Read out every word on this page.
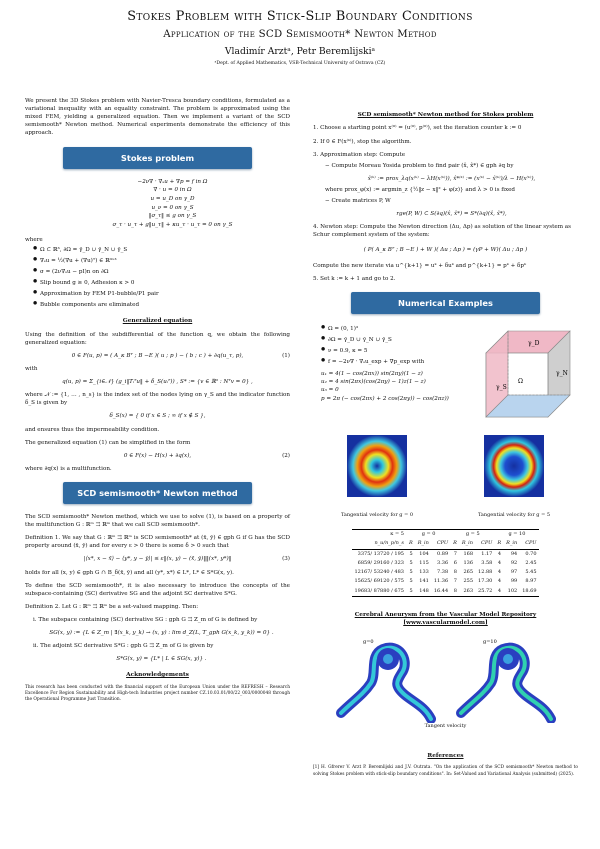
Stokes Problem with Stick-Slip Boundary Conditions
Application of the SCD Semismooth* Newton Method
Vladimír Arztᵃ, Petr Beremlijskiᵃ
ᵃDept. of Applied Mathematics, VSB-Technical University of Ostrava (CZ)

We present the 3D Stokes problem with Navier-Tresca boundary conditions, formulated as a variational inequality with an equality constraint. The problem is approximated using the mixed FEM, yielding a generalized equation. Then we implement a variant of the SCD semismooth* Newton method. Numerical experiments demonstrate the efficiency of this approach.

Stokes problem
−2ν∇ · ∇ₛu + ∇p = f in Ω
∇ · u = 0 in Ω
u = u_D on γ_D
u_ν = 0 on γ_S
‖σ_τ‖ ≤ g on γ_S
σ_τ · u_τ + g‖u_τ‖ + κu_τ · u_τ = 0 on γ_S
where
● Ω ⊂ ℝ³, ∂Ω = γ̄_D ∪ γ̄_N ∪ γ̄_S
● ∇ₛu = ½(∇u + (∇u)ᵀ) ∈ ℝ³ˣ³
● σ = (2ν∇ₛu − pI)n on ∂Ω
● Slip bound g ≥ 0, Adhesion κ > 0
● Approximation by FEM P1-bubble/P1 pair
● Bubble components are eliminated
Generalized equation

Using the definition of the subdifferential of the function q, we obtain the following generalized equation:

0 ∈ F(u, p) = ( A_κ Bᵀ ; B −E )( u ; p ) − ( b ; c ) + ∂q(u_τ, p),	(1)
with
q(u, p) = Σ_{i∈𝒩} (g_i‖Tᵢᵀu‖ + δ_S(uᵢᵀ)) , S* := {v ∈ ℝ³ : Nᵀv = 0} ,

where 𝒩 := {1, … , n_s} is the index set of the nodes lying on γ_S and the indicator function δ_S is given by

δ_S(x) = { 0 if x ∈ S ; ∞ if x ∉ S },

and ensures thus the impermeability condition.

The generalized equation (1) can be simplified in the form

0 ∈ F(x) − H(x) + ∂q(x),	(2)

where ∂q(x) is a multifunction.

SCD semismooth* Newton method

The SCD semismooth* Newton method, which we use to solve (1), is based on a property of the multifunction G : ℝᵐ ⇉ ℝᵐ that we call SCD semismooth*.

Definition 1. We say that G : ℝᵐ ⇉ ℝᵐ is SCD semismooth* at (x̄, ȳ) ∈ gph G if G has the SCD property around (x̄, ȳ) and for every ε > 0 there is some δ > 0 such that
|⟨x*, x − x̄⟩ − ⟨y*, y − ȳ⟩| ≤ ε‖(x, y) − (x̄, ȳ)‖‖(x*, y*)‖	(3)
holds for all (x, y) ∈ gph G ∩ B_δ(x̄, ȳ) and all (y*, x*) ∈ L*, L* ∈ S*G(x, y).

To define the SCD semismooth*, it is also necessary to introduce the concepts of the subspace-containing (SC) derivative SG and the adjoint SC derivative S*G.

Definition 2. Let G : ℝᵐ ⇉ ℝᵐ be a set-valued mapping. Then:
i. The subspace containing (SC) derivative SG : gph G ⇉ Z_m of G is defined by
SG(x, y) := {L ∈ Z_m | ∃(x_k, y_k) → (x, y) : lim d_Z(L, T_gph G(x_k, y_k)) = 0} .
ii. The adjoint SC derivative S*G : gph G ⇉ Z_m of G is given by
S*G(x, y) = {L* | L ∈ SG(x, y)} .
Acknowledgements

This research has been conducted with the financial support of the European Union under the REFRESH – Research Excellence For Region Sustainability and High-tech Industries project number CZ.10.03.01/00/22_003/0000048 through the Operational Programme Just Transition.

SCD semismooth* Newton method for Stokes problem
1. Choose a starting point x⁽⁰⁾ = (u⁽⁰⁾, p⁽⁰⁾), set the iteration counter k := 0
2. If 0 ∈ F(x⁽ᵏ⁾), stop the algorithm.
3. Approximation step: Compute
− Compute Moreau Yosida problem to find pair (x̂, x̂*) ∈ gph ∂q by
x̂⁽ᵏ⁾ := prox_λq(x⁽ᵏ⁾ − λH(x⁽ᵏ⁾)), x̂*⁽ᵏ⁾ := (x⁽ᵏ⁾ − x̂⁽ᵏ⁾)/λ − H(x⁽ᵏ⁾),
where prox_φ(x) := argmin_z {½‖z − x‖² + φ(z)} and λ > 0 is fixed
− Create matrices P, W
rge(P, W) ⊂ S(∂q)(x̂, x̂*) = S*(∂q)(x̂, x̂*),
4. Newton step: Compute the Newton direction (Δu, Δp) as solution of the linear system as Schur complement system of the system:
( P( A_κ Bᵀ ; B −E ) + W )( Δu ; Δp ) = (γP + W)( Δu ; Δp )
Compute the new iterate via u^{k+1} = uᵏ + δuᵏ and p^{k+1} = pᵏ + δpᵏ
5. Set k := k + 1 and go to 2.
Numerical Examples
● Ω = (0, 1)³
● ∂Ω = γ̄_D ∪ γ̄_N ∪ γ̄_S
● ν = 0.9, κ = 5
● f = −2ν∇ · ∇ₛu_exp + ∇p_exp with
u₁ = 4(1 − cos(2πx)) sin(2πy)(1 − z)
u₂ = 4 sin(2πx)(cos(2πy) − 1)z(1 − z)
u₃ = 0
p = 2π (− cos(2πx) + 2 cos(2πy)) − cos(2πz))
γ_D
γ_S
Ω
γ_N
Tangential velocity for g = 0	Tangential velocity for g = 5
κ = 5	g = 0			g = 5			g = 10		
n_u/n_p/n_s	R	R_in	CPU	R	R_in	CPU	R	R_in	CPU
3375/ 13720 / 195	5	104	0.89	7	168	1.17	4	94	0.70
6859/ 29160 / 323	5	115	3.36	6	136	3.58	4	92	2.45
12167/ 53240 / 483	5	133	7.38	8	265	12.88	4	97	5.45
15625/ 69120 / 575	5	141	11.36	7	255	17.30	4	99	8.97
19683/ 87880 / 675	5	148	16.44	8	263	25.72	4	102	18.69
Cerebral Aneurysm from the Vascular Model Repository [www.vascularmodel.com]
g=0	g=10
Tangent velocity
References

[1] H. Gfrerer V. Arzt P. Beremlijski and J.V. Outrata. "On the application of the SCD semismooth* Newton method to solving Stokes problem with stick-slip boundary conditions". In: Set-Valued and Variational Analysis (submitted) (2025).
